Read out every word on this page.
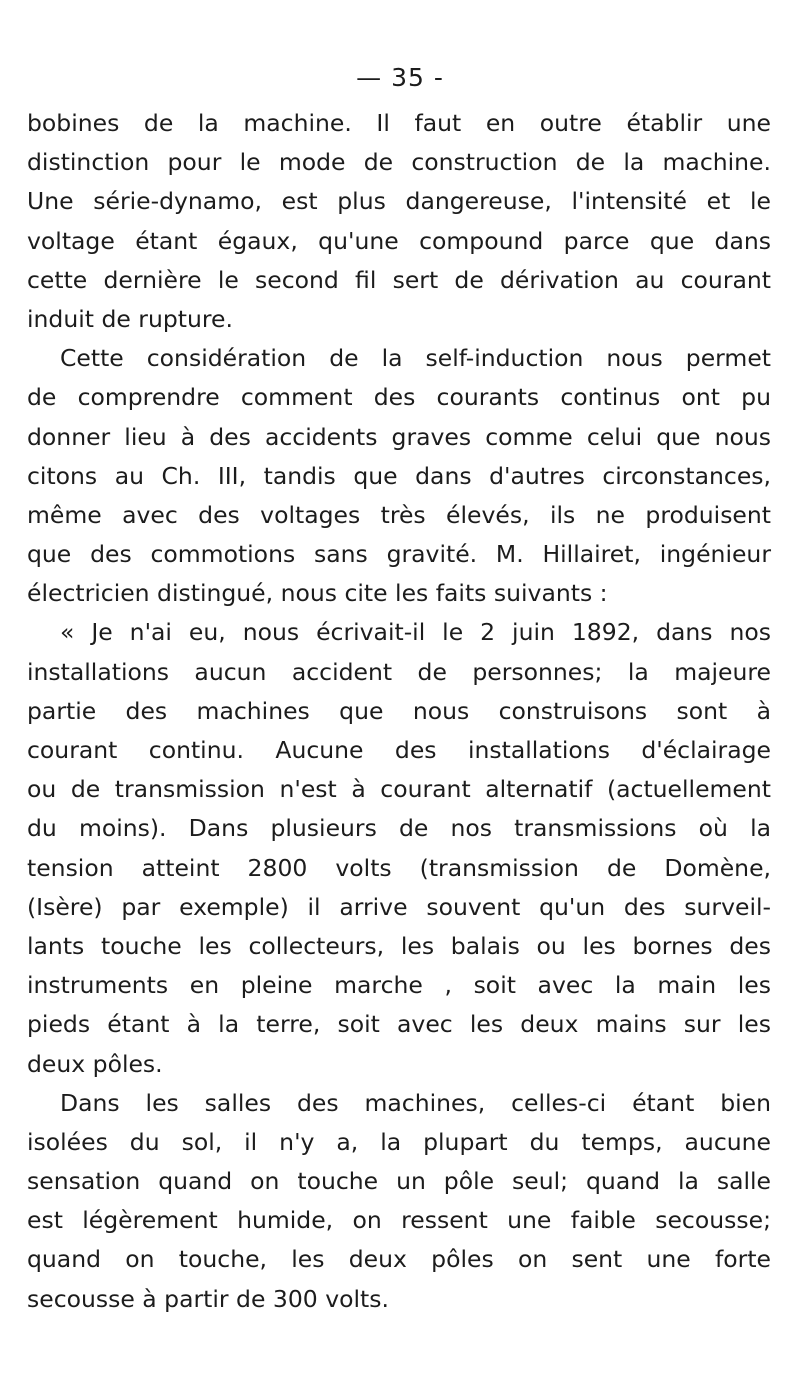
— 35 -
bobines de la machine. Il faut en outre établir une
distinction pour le mode de construction de la machine.
Une série-dynamo, est plus dangereuse, l'intensité et le
voltage étant égaux, qu'une compound parce que dans
cette dernière le second fil sert de dérivation au courant
induit de rupture.
Cette considération de la self-induction nous permet
de comprendre comment des courants continus ont pu
donner lieu à des accidents graves comme celui que nous
citons au Ch. III, tandis que dans d'autres circonstances,
même avec des voltages très élevés, ils ne produisent
que des commotions sans gravité. M. Hillairet, ingénieur
électricien distingué, nous cite les faits suivants :
« Je n'ai eu, nous écrivait-il le 2 juin 1892, dans nos
installations aucun accident de personnes; la majeure
partie des machines que nous construisons sont à
courant continu. Aucune des installations d'éclairage
ou de transmission n'est à courant alternatif (actuellement
du moins). Dans plusieurs de nos transmissions où la
tension atteint 2800 volts (transmission de Domène,
(Isère) par exemple) il arrive souvent qu'un des surveil-
lants touche les collecteurs, les balais ou les bornes des
instruments en pleine marche , soit avec la main les
pieds étant à la terre, soit avec les deux mains sur les
deux pôles.
Dans les salles des machines, celles-ci étant bien
isolées du sol, il n'y a, la plupart du temps, aucune
sensation quand on touche un pôle seul; quand la salle
est légèrement humide, on ressent une faible secousse;
quand on touche, les deux pôles on sent une forte
secousse à partir de 300 volts.
